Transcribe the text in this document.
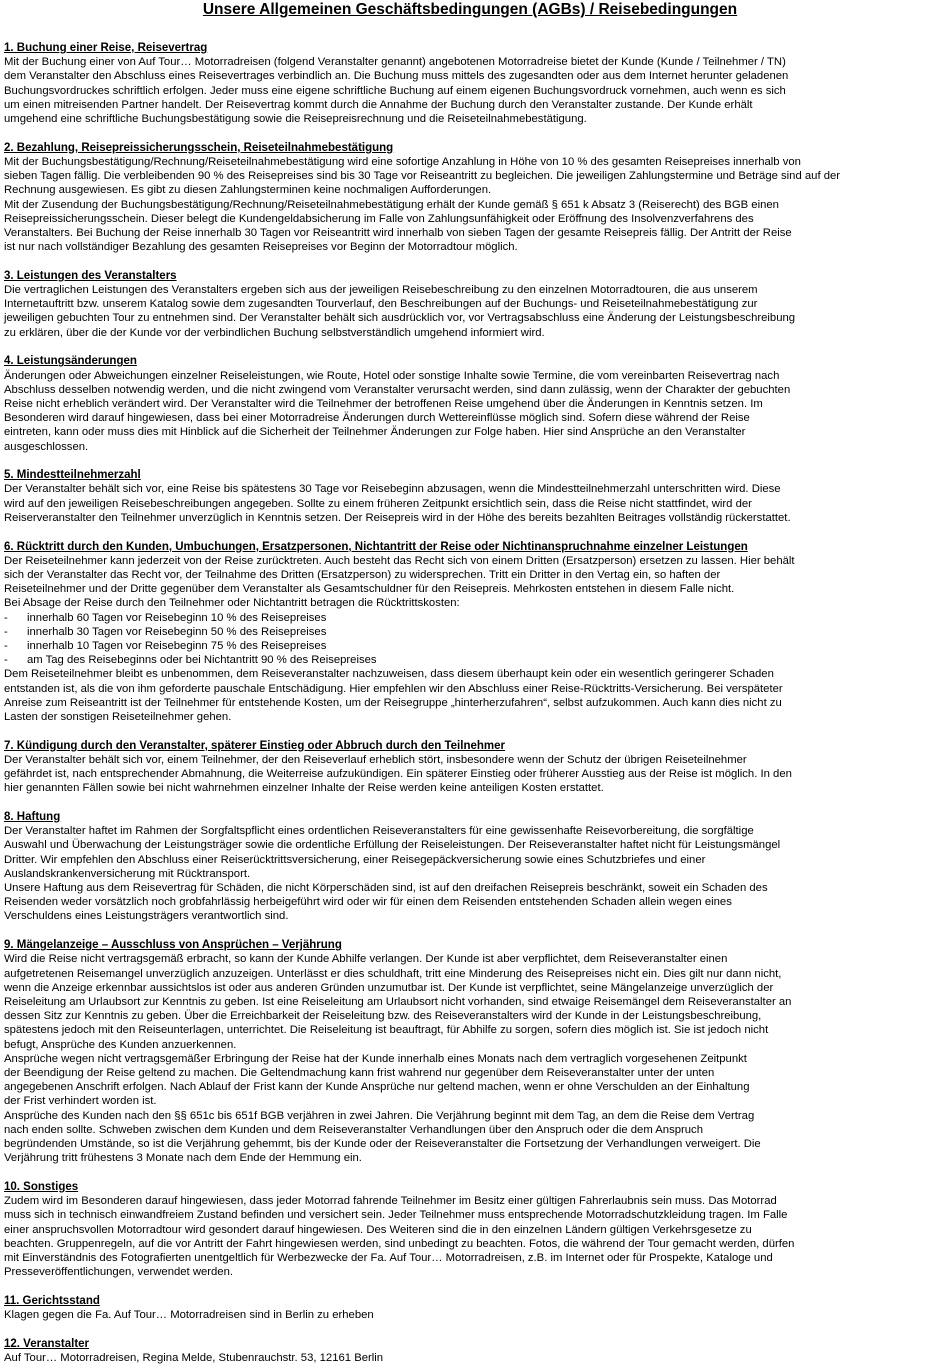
Unsere Allgemeinen Geschäftsbedingungen (AGBs) / Reisebedingungen
1. Buchung einer Reise, Reisevertrag

Mit der Buchung einer von Auf Tour… Motorradreisen (folgend Veranstalter genannt) angebotenen Motorradreise bietet der Kunde (Kunde / Teilnehmer / TN)
dem Veranstalter den Abschluss eines Reisevertrages verbindlich an. Die Buchung muss mittels des zugesandten oder aus dem Internet herunter geladenen
Buchungsvordruckes schriftlich erfolgen. Jeder muss eine eigene schriftliche Buchung auf einem eigenen Buchungsvordruck vornehmen, auch wenn es sich
um einen mitreisenden Partner handelt. Der Reisevertrag kommt durch die Annahme der Buchung durch den Veranstalter zustande. Der Kunde erhält
umgehend eine schriftliche Buchungsbestätigung sowie die Reisepreisrechnung und die Reiseteilnahmebestätigung.

2. Bezahlung, Reisepreissicherungsschein, Reiseteilnahmebestätigung

Mit der Buchungsbestätigung/Rechnung/Reiseteilnahmebestätigung wird eine sofortige Anzahlung in Höhe von 10 % des gesamten Reisepreises innerhalb von
sieben Tagen fällig. Die verbleibenden 90 % des Reisepreises sind bis 30 Tage vor Reiseantritt zu begleichen. Die jeweiligen Zahlungstermine und Beträge sind auf der
Rechnung ausgewiesen. Es gibt zu diesen Zahlungsterminen keine nochmaligen Aufforderungen.

Mit der Zusendung der Buchungsbestätigung/Rechnung/Reiseteilnahmebestätigung erhält der Kunde gemäß § 651 k Absatz 3 (Reiserecht) des BGB einen
Reisepreissicherungsschein. Dieser belegt die Kundengeldabsicherung im Falle von Zahlungsunfähigkeit oder Eröffnung des Insolvenzverfahrens des
Veranstalters. Bei Buchung der Reise innerhalb 30 Tagen vor Reiseantritt wird innerhalb von sieben Tagen der gesamte Reisepreis fällig. Der Antritt der Reise
ist nur nach vollständiger Bezahlung des gesamten Reisepreises vor Beginn der Motorradtour möglich.

3. Leistungen des Veranstalters

Die vertraglichen Leistungen des Veranstalters ergeben sich aus der jeweiligen Reisebeschreibung zu den einzelnen Motorradtouren, die aus unserem
Internetauftritt bzw. unserem Katalog sowie dem zugesandten Tourverlauf, den Beschreibungen auf der Buchungs- und Reiseteilnahmebestätigung zur
jeweiligen gebuchten Tour zu entnehmen sind. Der Veranstalter behält sich ausdrücklich vor, vor Vertragsabschluss eine Änderung der Leistungsbeschreibung
zu erklären, über die der Kunde vor der verbindlichen Buchung selbstverständlich umgehend informiert wird.

4. Leistungsänderungen

Änderungen oder Abweichungen einzelner Reiseleistungen, wie Route, Hotel oder sonstige Inhalte sowie Termine, die vom vereinbarten Reisevertrag nach
Abschluss desselben notwendig werden, und die nicht zwingend vom Veranstalter verursacht werden, sind dann zulässig, wenn der Charakter der gebuchten
Reise nicht erheblich verändert wird. Der Veranstalter wird die Teilnehmer der betroffenen Reise umgehend über die Änderungen in Kenntnis setzen. Im
Besonderen wird darauf hingewiesen, dass bei einer Motorradreise Änderungen durch Wettereinflüsse möglich sind. Sofern diese während der Reise
eintreten, kann oder muss dies mit Hinblick auf die Sicherheit der Teilnehmer Änderungen zur Folge haben. Hier sind Ansprüche an den Veranstalter
ausgeschlossen.

5. Mindestteilnehmerzahl

Der Veranstalter behält sich vor, eine Reise bis spätestens 30 Tage vor Reisebeginn abzusagen, wenn die Mindestteilnehmerzahl unterschritten wird. Diese
wird auf den jeweiligen Reisebeschreibungen angegeben. Sollte zu einem früheren Zeitpunkt ersichtlich sein, dass die Reise nicht stattfindet, wird der
Reiserveranstalter den Teilnehmer unverzüglich in Kenntnis setzen. Der Reisepreis wird in der Höhe des bereits bezahlten Beitrages vollständig rückerstattet.

6. Rücktritt durch den Kunden, Umbuchungen, Ersatzpersonen, Nichtantritt der Reise oder Nichtinanspruchnahme einzelner Leistungen

Der Reiseteilnehmer kann jederzeit von der Reise zurücktreten. Auch besteht das Recht sich von einem Dritten (Ersatzperson) ersetzen zu lassen. Hier behält
sich der Veranstalter das Recht vor, der Teilnahme des Dritten (Ersatzperson) zu widersprechen. Tritt ein Dritter in den Vertag ein, so haften der
Reiseteilnehmer und der Dritte gegenüber dem Veranstalter als Gesamtschuldner für den Reisepreis. Mehrkosten entstehen in diesem Falle nicht.
Bei Absage der Reise durch den Teilnehmer oder Nichtantritt betragen die Rücktrittskosten:

-	innerhalb 60 Tagen vor Reisebeginn 10 % des Reisepreises
-	innerhalb 30 Tagen vor Reisebeginn 50 % des Reisepreises
-	innerhalb 10 Tagen vor Reisebeginn 75 % des Reisepreises
-	am Tag des Reisebeginns oder bei Nichtantritt 90 % des Reisepreises

Dem Reiseteilnehmer bleibt es unbenommen, dem Reiseveranstalter nachzuweisen, dass diesem überhaupt kein oder ein wesentlich geringerer Schaden
entstanden ist, als die von ihm geforderte pauschale Entschädigung. Hier empfehlen wir den Abschluss einer Reise-Rücktritts-Versicherung. Bei verspäteter
Anreise zum Reiseantritt ist der Teilnehmer für entstehende Kosten, um der Reisegruppe „hinterherzufahren“, selbst aufzukommen. Auch kann dies nicht zu
Lasten der sonstigen Reiseteilnehmer gehen.

7. Kündigung durch den Veranstalter, späterer Einstieg oder Abbruch durch den Teilnehmer

Der Veranstalter behält sich vor, einem Teilnehmer, der den Reiseverlauf erheblich stört, insbesondere wenn der Schutz der übrigen Reiseteilnehmer
gefährdet ist, nach entsprechender Abmahnung, die Weiterreise aufzukündigen. Ein späterer Einstieg oder früherer Ausstieg aus der Reise ist möglich. In den
hier genannten Fällen sowie bei nicht wahrnehmen einzelner Inhalte der Reise werden keine anteiligen Kosten erstattet.

8. Haftung

Der Veranstalter haftet im Rahmen der Sorgfaltspflicht eines ordentlichen Reiseveranstalters für eine gewissenhafte Reisevorbereitung, die sorgfältige
Auswahl und Überwachung der Leistungsträger sowie die ordentliche Erfüllung der Reiseleistungen. Der Reiseveranstalter haftet nicht für Leistungsmängel
Dritter. Wir empfehlen den Abschluss einer Reiserücktrittsversicherung, einer Reisegepäckversicherung sowie eines Schutzbriefes und einer
Auslandskrankenversicherung mit Rücktransport.

Unsere Haftung aus dem Reisevertrag für Schäden, die nicht Körperschäden sind, ist auf den dreifachen Reisepreis beschränkt, soweit ein Schaden des
Reisenden weder vorsätzlich noch grobfahrlässig herbeigeführt wird oder wir für einen dem Reisenden entstehenden Schaden allein wegen eines
Verschuldens eines Leistungsträgers verantwortlich sind.

9. Mängelanzeige – Ausschluss von Ansprüchen – Verjährung

Wird die Reise nicht vertragsgemäß erbracht, so kann der Kunde Abhilfe verlangen. Der Kunde ist aber verpflichtet, dem Reiseveranstalter einen
aufgetretenen Reisemangel unverzüglich anzuzeigen. Unterlässt er dies schuldhaft, tritt eine Minderung des Reisepreises nicht ein. Dies gilt nur dann nicht,
wenn die Anzeige erkennbar aussichtslos ist oder aus anderen Gründen unzumutbar ist. Der Kunde ist verpflichtet, seine Mängelanzeige unverzüglich der
Reiseleitung am Urlaubsort zur Kenntnis zu geben. Ist eine Reiseleitung am Urlaubsort nicht vorhanden, sind etwaige Reisemängel dem Reiseveranstalter an
dessen Sitz zur Kenntnis zu geben. Über die Erreichbarkeit der Reiseleitung bzw. des Reiseveranstalters wird der Kunde in der Leistungsbeschreibung,
spätestens jedoch mit den Reiseunterlagen, unterrichtet. Die Reiseleitung ist beauftragt, für Abhilfe zu sorgen, sofern dies möglich ist. Sie ist jedoch nicht
befugt, Ansprüche des Kunden anzuerkennen.

Ansprüche wegen nicht vertragsgemäßer Erbringung der Reise hat der Kunde innerhalb eines Monats nach dem vertraglich vorgesehenen Zeitpunkt
der Beendigung der Reise geltend zu machen. Die Geltendmachung kann frist wahrend nur gegenüber dem Reiseveranstalter unter der unten
angegebenen Anschrift erfolgen. Nach Ablauf der Frist kann der Kunde Ansprüche nur geltend machen, wenn er ohne Verschulden an der Einhaltung
der Frist verhindert worden ist.

Ansprüche des Kunden nach den §§ 651c bis 651f BGB verjähren in zwei Jahren. Die Verjährung beginnt mit dem Tag, an dem die Reise dem Vertrag
nach enden sollte. Schweben zwischen dem Kunden und dem Reiseveranstalter Verhandlungen über den Anspruch oder die dem Anspruch
begründenden Umstände, so ist die Verjährung gehemmt, bis der Kunde oder der Reiseveranstalter die Fortsetzung der Verhandlungen verweigert. Die
Verjährung tritt frühestens 3 Monate nach dem Ende der Hemmung ein.

10. Sonstiges

Zudem wird im Besonderen darauf hingewiesen, dass jeder Motorrad fahrende Teilnehmer im Besitz einer gültigen Fahrerlaubnis sein muss. Das Motorrad
muss sich in technisch einwandfreiem Zustand befinden und versichert sein. Jeder Teilnehmer muss entsprechende Motorradschutzkleidung tragen. Im Falle
einer anspruchsvollen Motorradtour wird gesondert darauf hingewiesen. Des Weiteren sind die in den einzelnen Ländern gültigen Verkehrsgesetze zu
beachten. Gruppenregeln, auf die vor Antritt der Fahrt hingewiesen werden, sind unbedingt zu beachten. Fotos, die während der Tour gemacht werden, dürfen
mit Einverständnis des Fotografierten unentgeltlich für Werbezwecke der Fa. Auf Tour… Motorradreisen, z.B. im Internet oder für Prospekte, Kataloge und
Presseveröffentlichungen, verwendet werden.

11. Gerichtsstand

Klagen gegen die Fa. Auf Tour… Motorradreisen sind in Berlin zu erheben

12. Veranstalter

Auf Tour… Motorradreisen, Regina Melde, Stubenrauchstr. 53, 12161 Berlin
